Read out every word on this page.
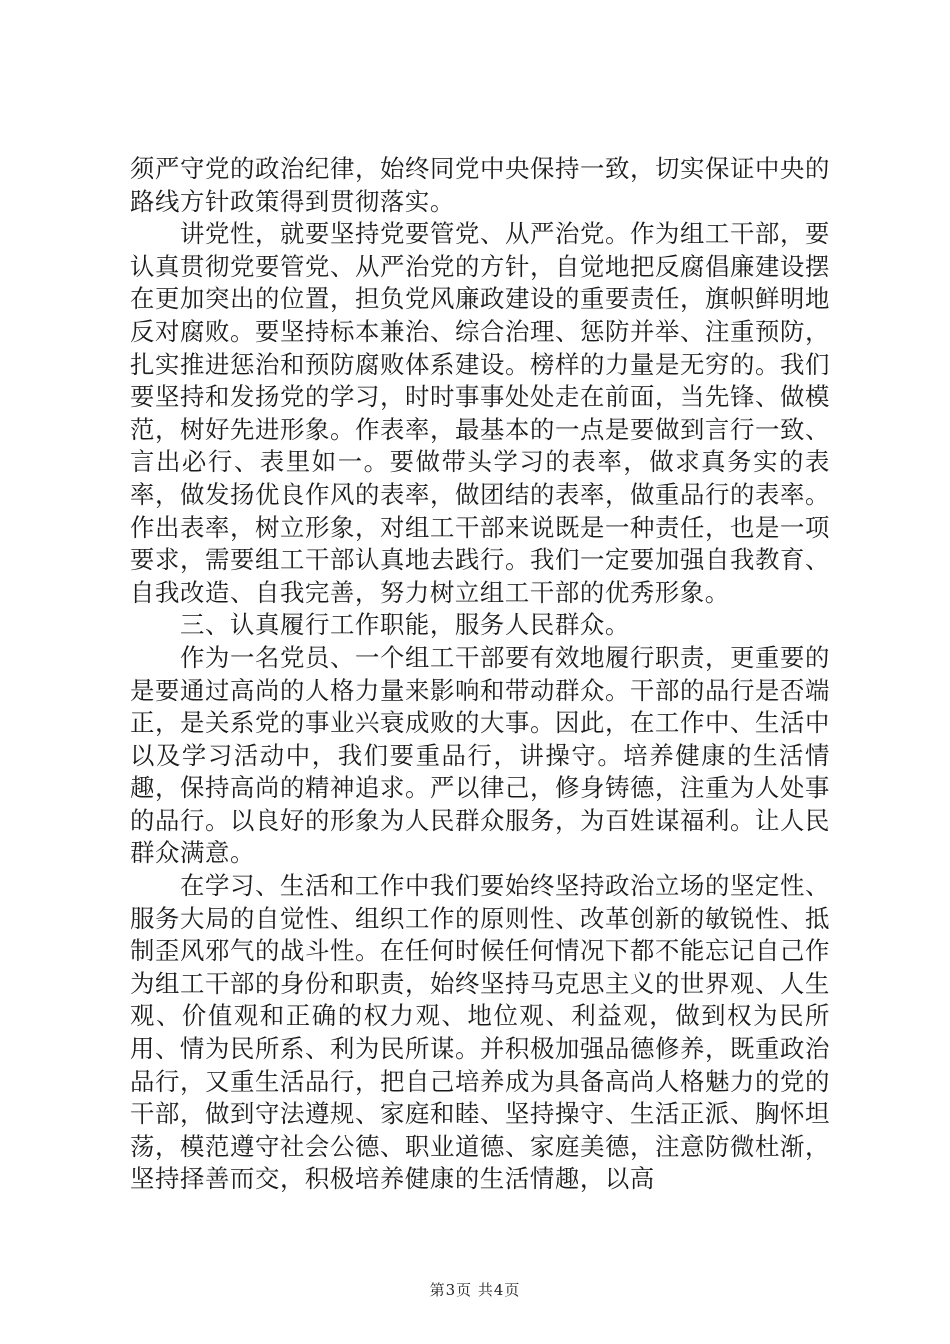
须严守党的政治纪律，始终同党中央保持一致，切实保证中央的路线方针政策得到贯彻落实。

讲党性，就要坚持党要管党、从严治党。作为组工干部，要认真贯彻党要管党、从严治党的方针，自觉地把反腐倡廉建设摆在更加突出的位置，担负党风廉政建设的重要责任，旗帜鲜明地反对腐败。要坚持标本兼治、综合治理、惩防并举、注重预防，扎实推进惩治和预防腐败体系建设。榜样的力量是无穷的。我们要坚持和发扬党的学习，时时事事处处走在前面，当先锋、做模范，树好先进形象。作表率，最基本的一点是要做到言行一致、言出必行、表里如一。要做带头学习的表率，做求真务实的表率，做发扬优良作风的表率，做团结的表率，做重品行的表率。作出表率，树立形象，对组工干部来说既是一种责任，也是一项要求，需要组工干部认真地去践行。我们一定要加强自我教育、自我改造、自我完善，努力树立组工干部的优秀形象。

三、认真履行工作职能，服务人民群众。

作为一名党员、一个组工干部要有效地履行职责，更重要的是要通过高尚的人格力量来影响和带动群众。干部的品行是否端正，是关系党的事业兴衰成败的大事。因此，在工作中、生活中以及学习活动中，我们要重品行，讲操守。培养健康的生活情趣，保持高尚的精神追求。严以律己，修身铸德，注重为人处事的品行。以良好的形象为人民群众服务，为百姓谋福利。让人民群众满意。

在学习、生活和工作中我们要始终坚持政治立场的坚定性、服务大局的自觉性、组织工作的原则性、改革创新的敏锐性、抵制歪风邪气的战斗性。在任何时候任何情况下都不能忘记自己作为组工干部的身份和职责，始终坚持马克思主义的世界观、人生观、价值观和正确的权力观、地位观、利益观，做到权为民所用、情为民所系、利为民所谋。并积极加强品德修养，既重政治品行，又重生活品行，把自己培养成为具备高尚人格魅力的党的干部，做到守法遵规、家庭和睦、坚持操守、生活正派、胸怀坦荡，模范遵守社会公德、职业道德、家庭美德，注意防微杜渐，坚持择善而交，积极培养健康的生活情趣，以高

第3页 共4页
